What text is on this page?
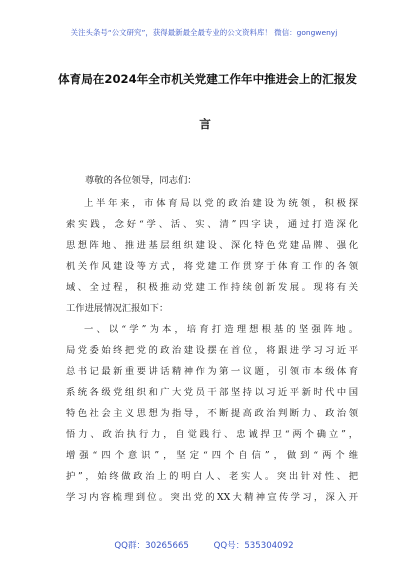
关注头条号“公文研究”，获得最新最全最专业的公文资料库！ 微信：gongwenyj
体育局在2024年全市机关党建工作年中推进会上的汇报发
言
尊敬的各位领导，同志们：

上半年来，市体育局以党的政治建设为统领，积极探
索实践，念好“学、活、实、清”四字诀，通过打造深化
思想阵地、推进基层组织建设、深化特色党建品牌、强化
机关作风建设等方式，将党建工作贯穿于体育工作的各领
域、全过程，积极推动党建工作持续创新发展。现将有关
工作进展情况汇报如下：

一、以“学”为本，培育打造理想根基的坚强阵地。
局党委始终把党的政治建设摆在首位，将跟进学习习近平
总书记最新重要讲话精神作为第一议题，引领市本级体育
系统各级党组织和广大党员干部坚持以习近平新时代中国
特色社会主义思想为指导，不断提高政治判断力、政治领
悟力、政治执行力，自觉践行、忠诚捍卫“两个确立”，
增强“四个意识”，坚定“四个自信”，做到“两个维
护”，始终做政治上的明白人、老实人。突出针对性、把
学习内容梳理到位。突出党的XX大精神宣传学习，深入开

QQ群：30265665	QQ号：535304092
